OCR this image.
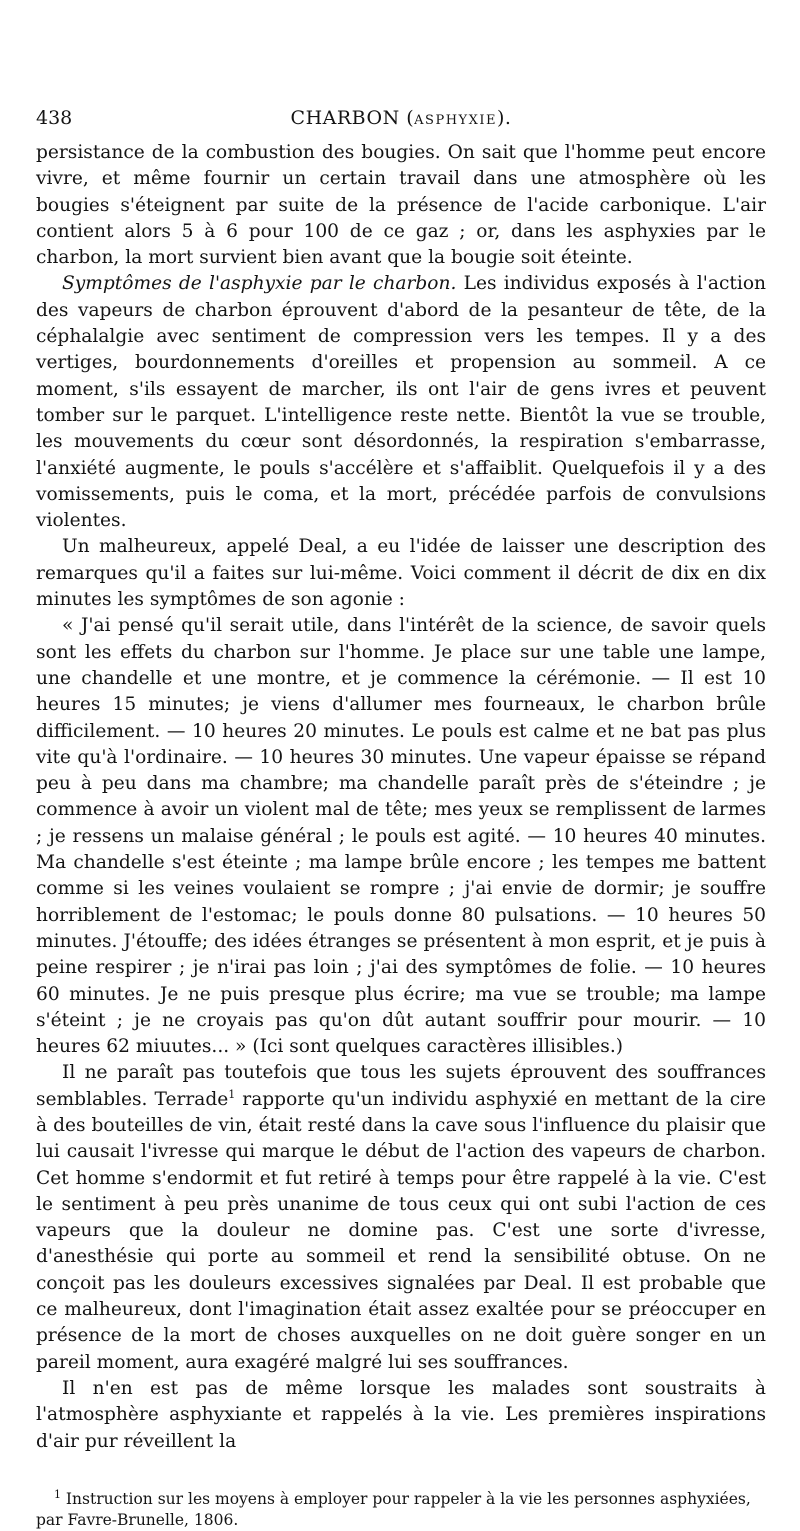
438	CHARBON (ASPHYXIE).

persistance de la combustion des bougies. On sait que l'homme peut encore vivre, et même fournir un certain travail dans une atmosphère où les bougies s'éteignent par suite de la présence de l'acide carbonique. L'air contient alors 5 à 6 pour 100 de ce gaz ; or, dans les asphyxies par le charbon, la mort survient bien avant que la bougie soit éteinte.

Symptômes de l'asphyxie par le charbon. Les individus exposés à l'action des vapeurs de charbon éprouvent d'abord de la pesanteur de tête, de la céphalalgie avec sentiment de compression vers les tempes. Il y a des vertiges, bourdonnements d'oreilles et propension au sommeil. A ce moment, s'ils essayent de marcher, ils ont l'air de gens ivres et peuvent tomber sur le parquet. L'intelligence reste nette. Bientôt la vue se trouble, les mouvements du cœur sont désordonnés, la respiration s'embarrasse, l'anxiété augmente, le pouls s'accélère et s'affaiblit. Quelquefois il y a des vomissements, puis le coma, et la mort, précédée parfois de convulsions violentes.

Un malheureux, appelé Deal, a eu l'idée de laisser une description des remarques qu'il a faites sur lui-même. Voici comment il décrit de dix en dix minutes les symptômes de son agonie :

« J'ai pensé qu'il serait utile, dans l'intérêt de la science, de savoir quels sont les effets du charbon sur l'homme. Je place sur une table une lampe, une chandelle et une montre, et je commence la cérémonie. — Il est 10 heures 15 minutes; je viens d'allumer mes fourneaux, le charbon brûle difficilement. — 10 heures 20 minutes. Le pouls est calme et ne bat pas plus vite qu'à l'ordinaire. — 10 heures 30 minutes. Une vapeur épaisse se répand peu à peu dans ma chambre; ma chandelle paraît près de s'éteindre ; je commence à avoir un violent mal de tête; mes yeux se remplissent de larmes ; je ressens un malaise général ; le pouls est agité. — 10 heures 40 minutes. Ma chandelle s'est éteinte ; ma lampe brûle encore ; les tempes me battent comme si les veines voulaient se rompre ; j'ai envie de dormir; je souffre horriblement de l'estomac; le pouls donne 80 pulsations. — 10 heures 50 minutes. J'étouffe; des idées étranges se présentent à mon esprit, et je puis à peine respirer ; je n'irai pas loin ; j'ai des symptômes de folie. — 10 heures 60 minutes. Je ne puis presque plus écrire; ma vue se trouble; ma lampe s'éteint ; je ne croyais pas qu'on dût autant souffrir pour mourir. — 10 heures 62 miuutes... » (Ici sont quelques caractères illisibles.)

Il ne paraît pas toutefois que tous les sujets éprouvent des souffrances semblables. Terrade$^1$ rapporte qu'un individu asphyxié en mettant de la cire à des bouteilles de vin, était resté dans la cave sous l'influence du plaisir que lui causait l'ivresse qui marque le début de l'action des vapeurs de charbon. Cet homme s'endormit et fut retiré à temps pour être rappelé à la vie. C'est le sentiment à peu près unanime de tous ceux qui ont subi l'action de ces vapeurs que la douleur ne domine pas. C'est une sorte d'ivresse, d'anesthésie qui porte au sommeil et rend la sensibilité obtuse. On ne conçoit pas les douleurs excessives signalées par Deal. Il est probable que ce malheureux, dont l'imagination était assez exaltée pour se préoccuper en présence de la mort de choses auxquelles on ne doit guère songer en un pareil moment, aura exagéré malgré lui ses souffrances.

Il n'en est pas de même lorsque les malades sont soustraits à l'atmosphère asphyxiante et rappelés à la vie. Les premières inspirations d'air pur réveillent la

$^1$ Instruction sur les moyens à employer pour rappeler à la vie les personnes asphyxiées, par Favre-Brunelle, 1806.
